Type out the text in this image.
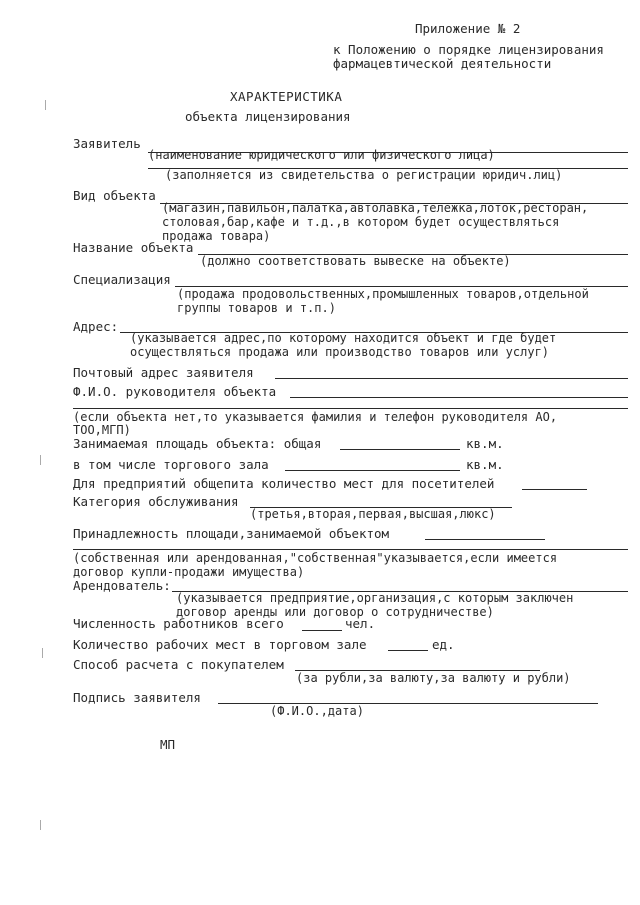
Приложение № 2
к Положению о порядке лицензирования
фармацевтической деятельности
ХАРАКТЕРИСТИКА
объекта лицензирования
Заявитель
(наименование юридического или физического лица)
(заполняется из свидетельства о регистрации юридич.лиц)
Вид объекта
(магазин,павильон,палатка,автолавка,тележка,лоток,ресторан,
столовая,бар,кафе и т.д.,в котором будет осуществляться
продажа товара)
Название объекта
(должно соответствовать вывеске на объекте)
Специализация
(продажа продовольственных,промышленных товаров,отдельной
группы товаров и т.п.)
Адрес:
(указывается адрес,по которому находится объект и где будет
осуществляться продажа или производство товаров или услуг)
Почтовый адрес заявителя
Ф.И.О. руководителя объекта
(если объекта нет,то указывается фамилия и телефон руководителя АО,
ТОО,МГП)
Занимаемая площадь объекта: общая	кв.м.
в том числе торгового зала	кв.м.
Для предприятий общепита количество мест для посетителей
Категория обслуживания
(третья,вторая,первая,высшая,люкс)
Принадлежность площади,занимаемой объектом
(собственная или арендованная,"собственная"указывается,если имеется
договор купли-продажи имущества)
Арендователь:
(указывается предприятие,организация,с которым заключен
договор аренды или договор о сотрудничестве)
Численность работников всего	чел.
Количество рабочих мест в торговом зале	ед.
Способ расчета с покупателем
(за рубли,за валюту,за валюту и рубли)
Подпись заявителя
(Ф.И.О.,дата)
МП
